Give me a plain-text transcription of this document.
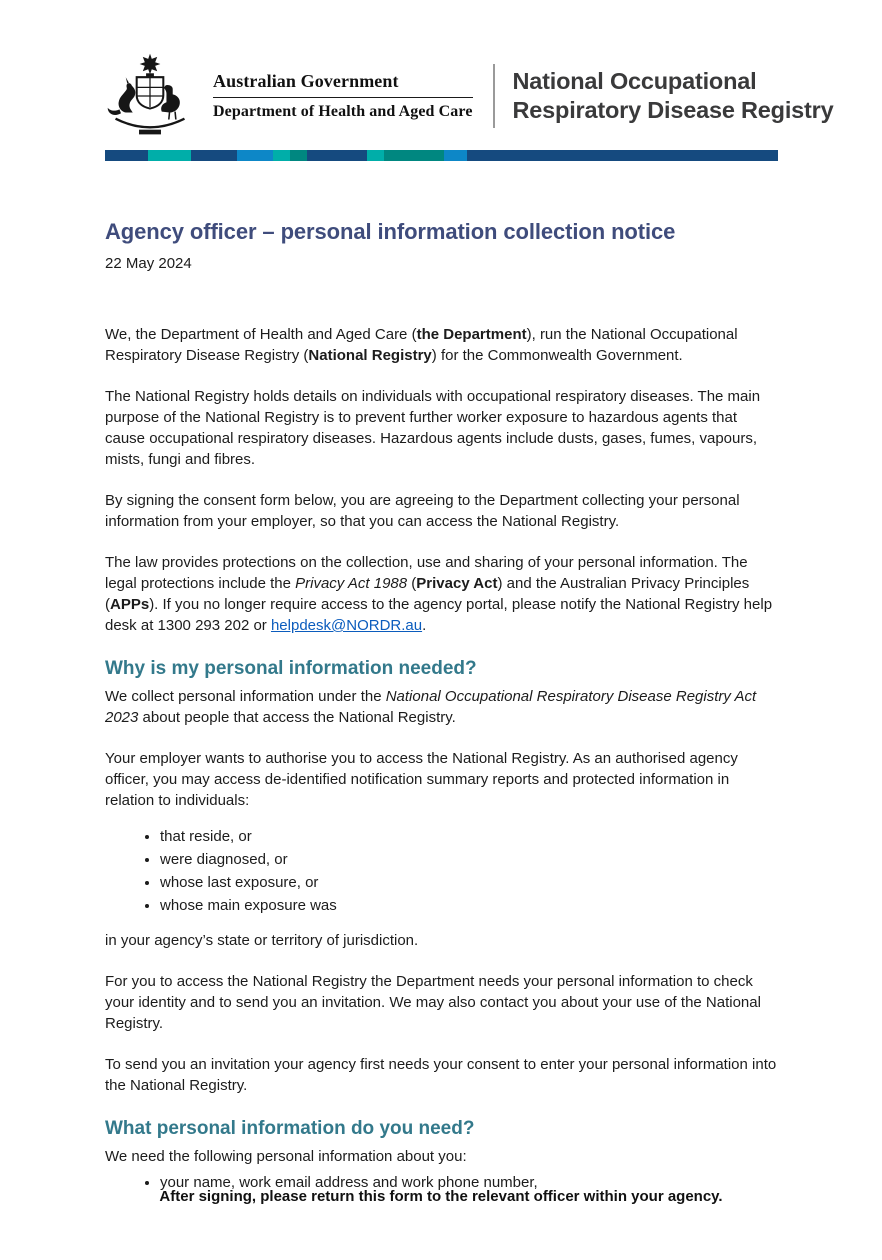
Australian Government
Department of Health and Aged Care
National Occupational
Respiratory Disease Registry
Agency officer – personal information collection notice
22 May 2024

We, the Department of Health and Aged Care (the Department), run the National Occupational Respiratory Disease Registry (National Registry) for the Commonwealth Government.

The National Registry holds details on individuals with occupational respiratory diseases. The main purpose of the National Registry is to prevent further worker exposure to hazardous agents that cause occupational respiratory diseases. Hazardous agents include dusts, gases, fumes, vapours, mists, fungi and fibres.

By signing the consent form below, you are agreeing to the Department collecting your personal information from your employer, so that you can access the National Registry.

The law provides protections on the collection, use and sharing of your personal information. The legal protections include the Privacy Act 1988 (Privacy Act) and the Australian Privacy Principles (APPs). If you no longer require access to the agency portal, please notify the National Registry help desk at 1300 293 202 or helpdesk@NORDR.au.

Why is my personal information needed?

We collect personal information under the National Occupational Respiratory Disease Registry Act 2023 about people that access the National Registry.

Your employer wants to authorise you to access the National Registry. As an authorised agency officer, you may access de-identified notification summary reports and protected information in relation to individuals:

• that reside, or
• were diagnosed, or
• whose last exposure, or
• whose main exposure was

in your agency’s state or territory of jurisdiction.

For you to access the National Registry the Department needs your personal information to check your identity and to send you an invitation. We may also contact you about your use of the National Registry.

To send you an invitation your agency first needs your consent to enter your personal information into the National Registry.

What personal information do you need?

We need the following personal information about you:

• your name, work email address and work phone number,
After signing, please return this form to the relevant officer within your agency.
